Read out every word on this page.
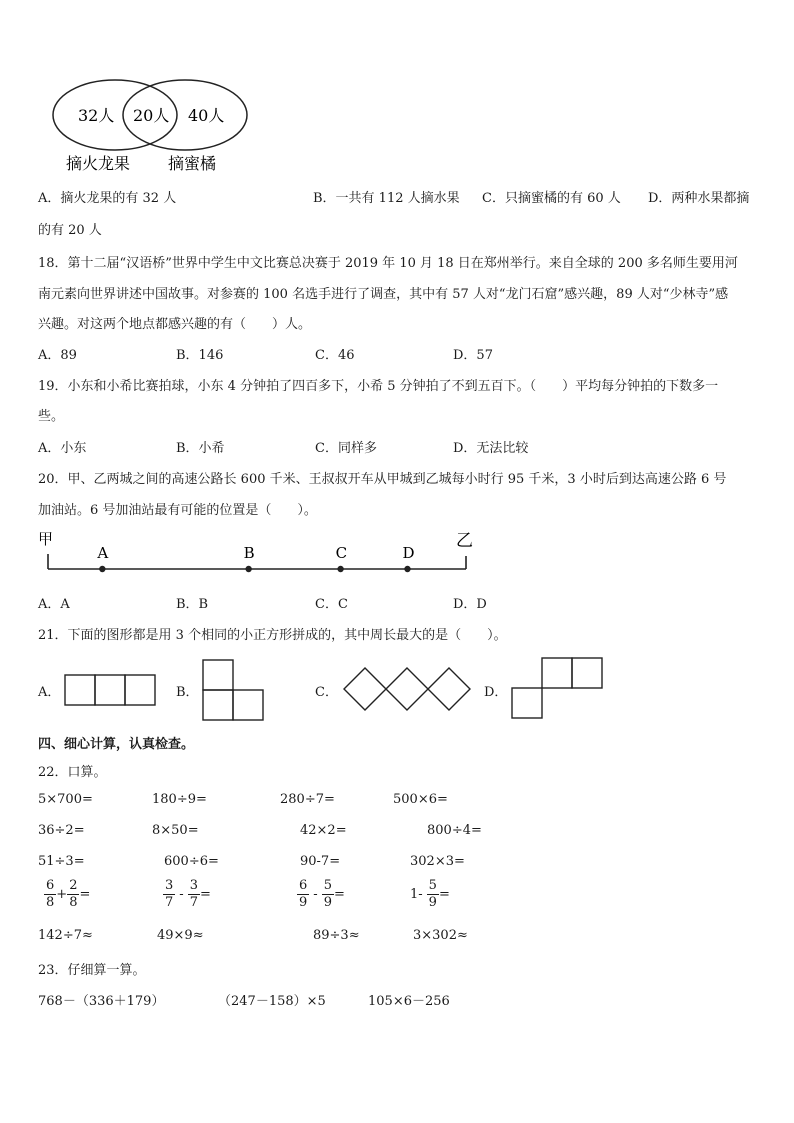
32人 20人 40人
摘火龙果 摘蜜橘
A．摘火龙果的有 32 人	B．一共有 112 人摘水果 C．只摘蜜橘的有 60 人 D．两种水果都摘
的有 20 人
18．第十二届“汉语桥”世界中学生中文比赛总决赛于 2019 年 10 月 18 日在郑州举行。来自全球的 200 多名师生要用河
南元素向世界讲述中国故事。对参赛的 100 名选手进行了调查，其中有 57 人对“龙门石窟”感兴趣，89 人对“少林寺”感
兴趣。对这两个地点都感兴趣的有（　　）人。
A．89	B．146	C．46	D．57
19．小东和小希比赛拍球，小东 4 分钟拍了四百多下，小希 5 分钟拍了不到五百下。（　　）平均每分钟拍的下数多一
些。
A．小东	B．小希	C．同样多	D．无法比较
20．甲、乙两城之间的高速公路长 600 千米、王叔叔开车从甲城到乙城每小时行 95 千米，3 小时后到达高速公路 6 号
加油站。6 号加油站最有可能的位置是（　　）。
甲	乙
A	B	C	D
A．A	B．B	C．C	D．D
21．下面的图形都是用 3 个相同的小正方形拼成的，其中周长最大的是（　　）。
A．	B．	C．	D．
四、细心计算，认真检查。
22．口算。
5×700=	180÷9=	280÷7=	500×6=
36÷2=	8×50=	42×2=	800÷4=
51÷3=	600÷6=	90-7=	302×3=
$\frac{6}{8} + \frac{2}{8}$ =	$\frac{3}{7} - \frac{3}{7}$ =	$\frac{6}{9} - \frac{5}{9}$ =	$1- \frac{5}{9}$ =
142÷7≈	49×9≈	89÷3≈	3×302≈
23．仔细算一算。
768－（336＋179）	（247－158）×5	105×6－256
